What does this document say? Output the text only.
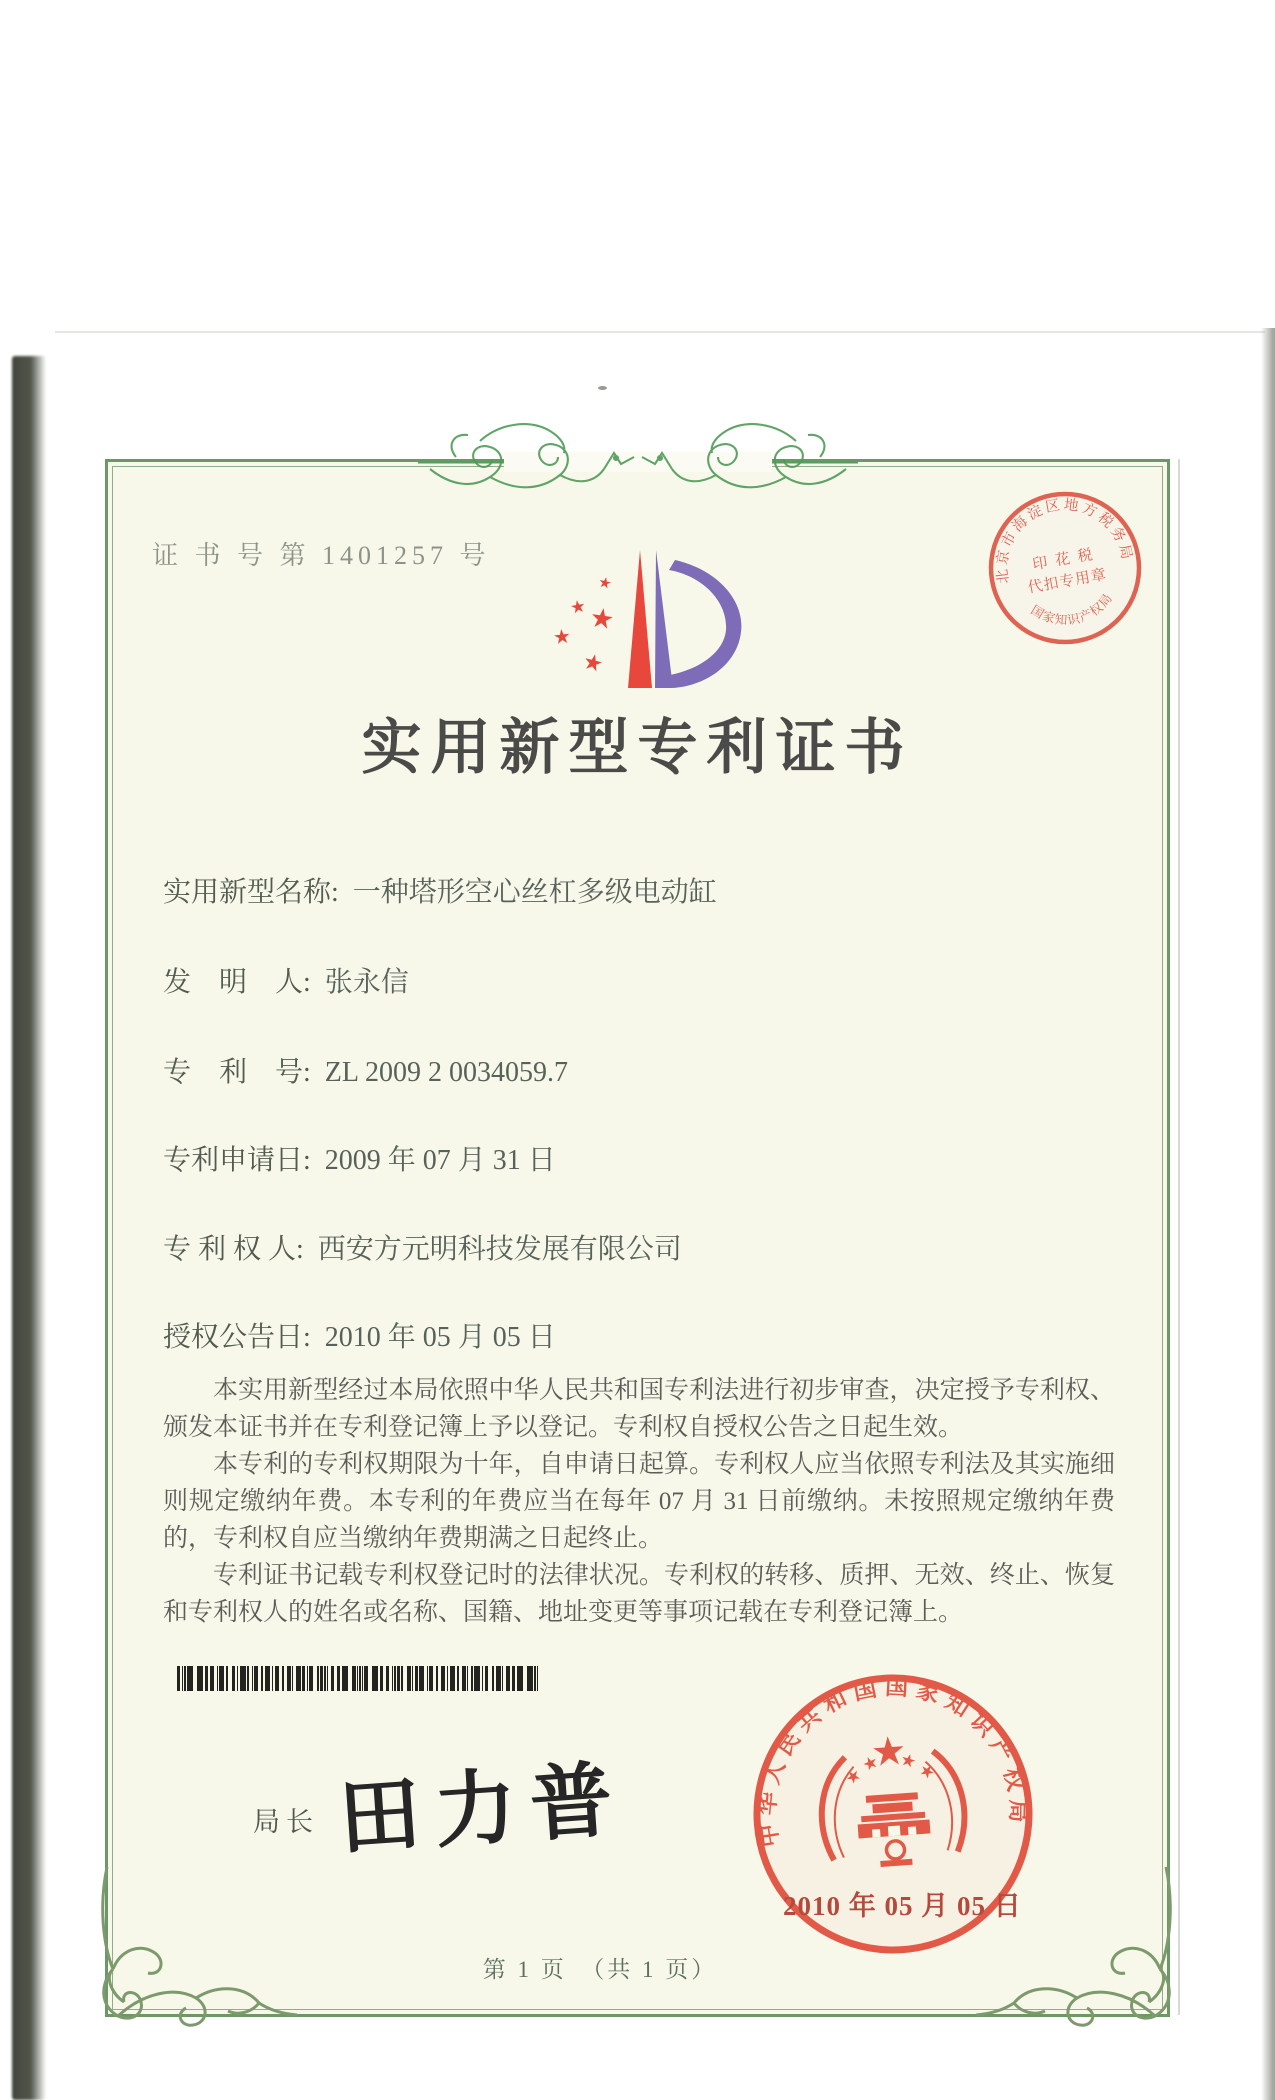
北京市海淀区地方税务局
国家知识产权局
印 花 税
代扣专用章
证 书 号 第 1401257 号
实用新型专利证书
实用新型名称: 一种塔形空心丝杠多级电动缸
发　明　人: 张永信
专　利　号: ZL 2009 2 0034059.7
专利申请日: 2009 年 07 月 31 日
专 利 权 人: 西安方元明科技发展有限公司
授权公告日: 2010 年 05 月 05 日

本实用新型经过本局依照中华人民共和国专利法进行初步审查，决定授予专利权、颁发本证书并在专利登记簿上予以登记。专利权自授权公告之日起生效。

本专利的专利权期限为十年，自申请日起算。专利权人应当依照专利法及其实施细则规定缴纳年费。本专利的年费应当在每年 07 月 31 日前缴纳。未按照规定缴纳年费的，专利权自应当缴纳年费期满之日起终止。

专利证书记载专利权登记时的法律状况。专利权的转移、质押、无效、终止、恢复和专利权人的姓名或名称、国籍、地址变更等事项记载在专利登记簿上。

局长 田力普	中华人民共和国国家知识产权局
2010 年 05 月 05 日
第 1 页　（共 1 页）
